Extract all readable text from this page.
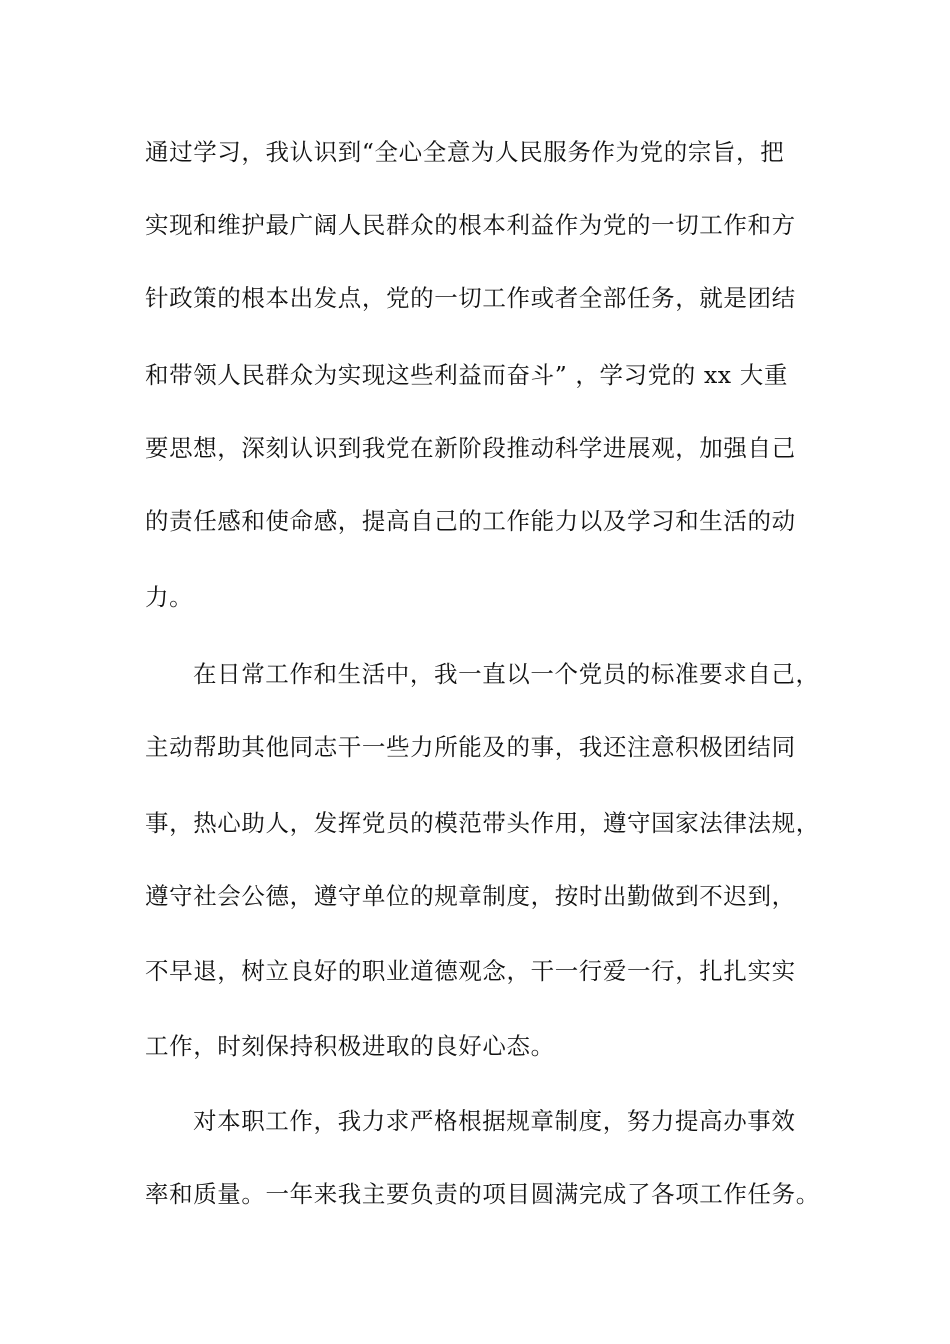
通过学习，我认识到“全心全意为人民服务作为党的宗旨，把
实现和维护最广阔人民群众的根本利益作为党的一切工作和方
针政策的根本出发点，党的一切工作或者全部任务，就是团结
和带领人民群众为实现这些利益而奋斗” ，学习党的 xx 大重
要思想，深刻认识到我党在新阶段推动科学进展观，加强自己
的责任感和使命感，提高自己的工作能力以及学习和生活的动
力。
在日常工作和生活中，我一直以一个党员的标准要求自己，
主动帮助其他同志干一些力所能及的事，我还注意积极团结同
事，热心助人，发挥党员的模范带头作用，遵守国家法律法规，
遵守社会公德，遵守单位的规章制度，按时出勤做到不迟到，
不早退，树立良好的职业道德观念，干一行爱一行，扎扎实实
工作，时刻保持积极进取的良好心态。
对本职工作，我力求严格根据规章制度，努力提高办事效
率和质量。一年来我主要负责的项目圆满完成了各项工作任务。
